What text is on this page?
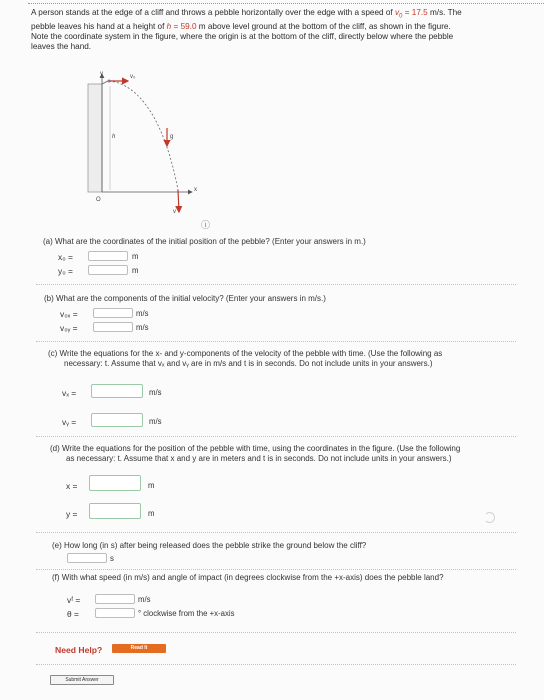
A person stands at the edge of a cliff and throws a pebble horizontally over the edge with a speed of $v_0 = 17.5$ m/s. The
pebble leaves his hand at a height of h = 59.0 m above level ground at the bottom of the cliff, as shown in the figure.
Note the coordinate system in the figure, where the origin is at the bottom of the cliff, directly below where the pebble
leaves the hand.
y
x
O
h
v₀
g
v
ⓘ
(a) What are the coordinates of the initial position of the pebble? (Enter your answers in m.)
x₀ =	m
y₀ =	m
(b) What are the components of the initial velocity? (Enter your answers in m/s.)
v₀ₓ =	m/s
v₀ᵧ =	m/s
(c) Write the equations for the x- and y-components of the velocity of the pebble with time. (Use the following as
necessary: t. Assume that vₓ and vᵧ are in m/s and t is in seconds. Do not include units in your answers.)
vₓ =	m/s
vᵧ =	m/s
(d) Write the equations for the position of the pebble with time, using the coordinates in the figure. (Use the following
as necessary: t. Assume that x and y are in meters and t is in seconds. Do not include units in your answers.)
x =	m
y =	m
(e) How long (in s) after being released does the pebble strike the ground below the cliff?
s
(f) With what speed (in m/s) and angle of impact (in degrees clockwise from the +x-axis) does the pebble land?
vᶠ =	m/s
θ =	° clockwise from the +x-axis
Need Help?	Read It
Submit Answer
